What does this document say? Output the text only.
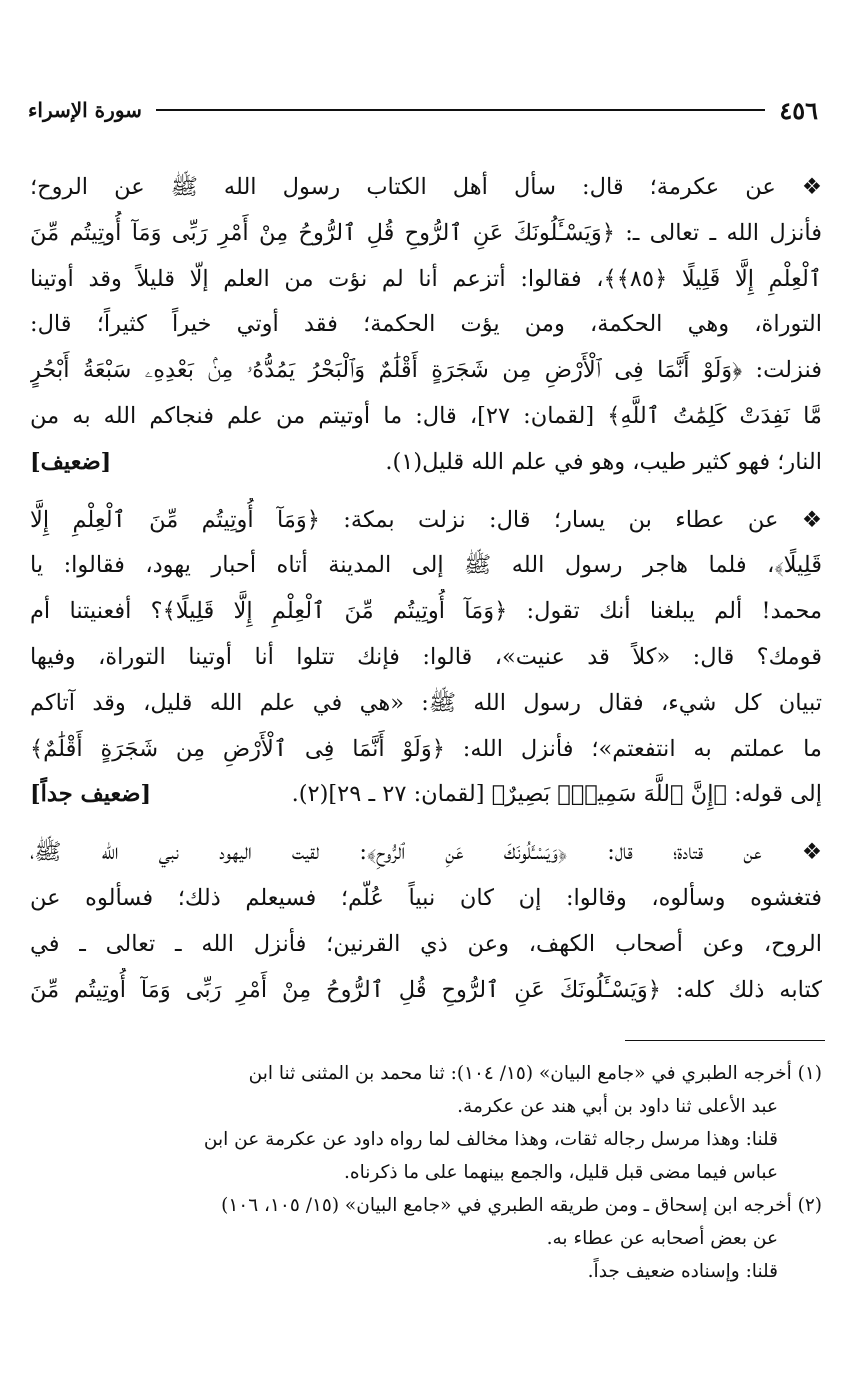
سورة الإسراء	٤٥٦
❖ عن عكرمة؛ قال: سأل أهل الكتاب رسول الله ﷺ عن الروح؛
فأنزل الله ـ تعالى ـ: ﴿وَيَسْـَٔلُونَكَ عَنِ ٱلرُّوحِ قُلِ ٱلرُّوحُ مِنْ أَمْرِ رَبِّى وَمَآ أُوتِيتُم مِّنَ
ٱلْعِلْمِ إِلَّا قَلِيلًا ﴿٨٥﴾﴾، فقالوا: أتزعم أنا لم نؤت من العلم إلّا قليلاً وقد أوتينا
التوراة، وهي الحكمة، ومن يؤت الحكمة؛ فقد أوتي خيراً كثيراً؛ قال:
فنزلت: ﴿وَلَوْ أَنَّمَا فِى ٱلْأَرْضِ مِن شَجَرَةٍ أَقْلَٰمٌ وَٱلْبَحْرُ يَمُدُّهُۥ مِنۢ بَعْدِهِۦ سَبْعَةُ أَبْحُرٍ
مَّا نَفِدَتْ كَلِمَٰتُ ٱللَّهِ﴾ [لقمان: ٢٧]، قال: ما أوتيتم من علم فنجاكم الله به من
[ضعيف]	النار؛ فهو كثير طيب، وهو في علم الله قليل(١).
❖ عن عطاء بن يسار؛ قال: نزلت بمكة: ﴿وَمَآ أُوتِيتُم مِّنَ ٱلْعِلْمِ إِلَّا
قَلِيلًا﴾، فلما هاجر رسول الله ﷺ إلى المدينة أتاه أحبار يهود، فقالوا: يا
محمد! ألم يبلغنا أنك تقول: ﴿وَمَآ أُوتِيتُم مِّنَ ٱلْعِلْمِ إِلَّا قَلِيلًا﴾؟ أفعنيتنا أم
قومك؟ قال: «كلاً قد عنيت»، قالوا: فإنك تتلوا أنا أوتينا التوراة، وفيها
تبيان كل شيء، فقال رسول الله ﷺ: «هي في علم الله قليل، وقد آتاكم
ما عملتم به انتفعتم»؛ فأنزل الله: ﴿وَلَوْ أَنَّمَا فِى ٱلْأَرْضِ مِن شَجَرَةٍ أَقْلَٰمٌ﴾
[ضعيف جداً]	إلى قوله: ﴿إِنَّ ٱللَّهَ سَمِيعٌۢ بَصِيرٌ﴾ [لقمان: ٢٧ ـ ٢٩](٢).
❖ عن قتادة؛ قال: ﴿وَيَسْـَٔلُونَكَ عَنِ ٱلرُّوحِ﴾: لقيت اليهود نبي الله ﷺ،
فتغشوه وسألوه، وقالوا: إن كان نبياً عُلّم؛ فسيعلم ذلك؛ فسألوه عن
الروح، وعن أصحاب الكهف، وعن ذي القرنين؛ فأنزل الله ـ تعالى ـ في
كتابه ذلك كله: ﴿وَيَسْـَٔلُونَكَ عَنِ ٱلرُّوحِ قُلِ ٱلرُّوحُ مِنْ أَمْرِ رَبِّى وَمَآ أُوتِيتُم مِّنَ
(١) أخرجه الطبري في «جامع البيان» (١٥/ ١٠٤): ثنا محمد بن المثنى ثنا ابن
عبد الأعلى ثنا داود بن أبي هند عن عكرمة.
قلنا: وهذا مرسل رجاله ثقات، وهذا مخالف لما رواه داود عن عكرمة عن ابن
عباس فيما مضى قبل قليل، والجمع بينهما على ما ذكرناه.
(٢) أخرجه ابن إسحاق ـ ومن طريقه الطبري في «جامع البيان» (١٥/ ١٠٥، ١٠٦)
عن بعض أصحابه عن عطاء به.
قلنا: وإسناده ضعيف جداً.
